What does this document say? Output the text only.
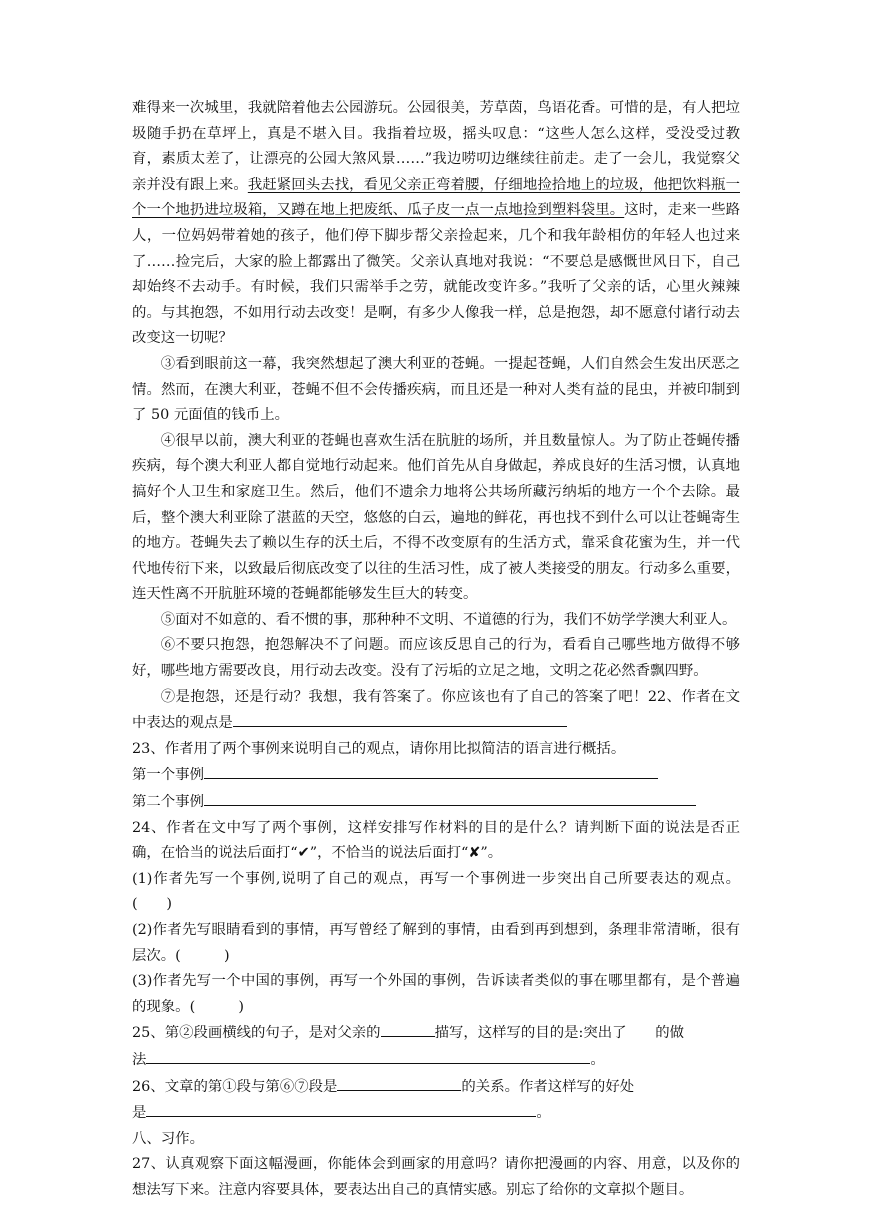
难得来一次城里，我就陪着他去公园游玩。公园很美，芳草茵，鸟语花香。可惜的是，有人把垃圾随手扔在草坪上，真是不堪入目。我指着垃圾，摇头叹息：“这些人怎么这样，受没受过教育，素质太差了，让漂亮的公园大煞风景……”我边唠叨边继续往前走。走了一会儿，我觉察父亲并没有跟上来。我赶紧回头去找，看见父亲正弯着腰，仔细地捡拾地上的垃圾，他把饮料瓶一个一个地扔进垃圾箱，又蹲在地上把废纸、瓜子皮一点一点地捡到塑料袋里。这时，走来一些路人，一位妈妈带着她的孩子，他们停下脚步帮父亲捡起来，几个和我年龄相仿的年轻人也过来了……捡完后，大家的脸上都露出了微笑。父亲认真地对我说：“不要总是感慨世风日下，自己却始终不去动手。有时候，我们只需举手之劳，就能改变许多。”我听了父亲的话，心里火辣辣的。与其抱怨，不如用行动去改变！是啊，有多少人像我一样，总是抱怨，却不愿意付诸行动去改变这一切呢？

③看到眼前这一幕，我突然想起了澳大利亚的苍蝇。一提起苍蝇，人们自然会生发出厌恶之情。然而，在澳大利亚，苍蝇不但不会传播疾病，而且还是一种对人类有益的昆虫，并被印制到了 50 元面值的钱币上。

④很早以前，澳大利亚的苍蝇也喜欢生活在肮脏的场所，并且数量惊人。为了防止苍蝇传播疾病，每个澳大利亚人都自觉地行动起来。他们首先从自身做起，养成良好的生活习惯，认真地搞好个人卫生和家庭卫生。然后，他们不遗余力地将公共场所藏污纳垢的地方一个个去除。最后，整个澳大利亚除了湛蓝的天空，悠悠的白云，遍地的鲜花，再也找不到什么可以让苍蝇寄生的地方。苍蝇失去了赖以生存的沃土后，不得不改变原有的生活方式，靠采食花蜜为生，并一代代地传衍下来，以致最后彻底改变了以往的生活习性，成了被人类接受的朋友。行动多么重要，连天性离不开肮脏环境的苍蝇都能够发生巨大的转变。

⑤面对不如意的、看不惯的事，那种种不文明、不道德的行为，我们不妨学学澳大利亚人。

⑥不要只抱怨，抱怨解决不了问题。而应该反思自己的行为，看看自己哪些地方做得不够好，哪些地方需要改良，用行动去改变。没有了污垢的立足之地，文明之花必然香飘四野。

⑦是抱怨，还是行动？我想，我有答案了。你应该也有了自己的答案了吧！22、作者在文中表达的观点是

23、作者用了两个事例来说明自己的观点，请你用比拟简洁的语言进行概括。

第一个事例

第二个事例

24、作者在文中写了两个事例，这样安排写作材料的目的是什么？请判断下面的说法是否正确，在恰当的说法后面打“✔”，不恰当的说法后面打“✘”。

(1)作者先写一个事例,说明了自己的观点，再写一个事例进一步突出自己所要表达的观点。(　　)

(2)作者先写眼睛看到的事情，再写曾经了解到的事情，由看到再到想到，条理非常清晰，很有层次。(　　　)

(3)作者先写一个中国的事例，再写一个外国的事例，告诉读者类似的事在哪里都有，是个普遍的现象。(　　　)

25、第②段画横线的句子，是对父亲的	描写，这样写的目的是:突出了　　的做
法	。

26、文章的第①段与第⑥⑦段是	的关系。作者这样写的好处
是	。

八、习作。

27、认真观察下面这幅漫画，你能体会到画家的用意吗？请你把漫画的内容、用意，以及你的想法写下来。注意内容要具体，要表达出自己的真情实感。别忘了给你的文章拟个题目。
